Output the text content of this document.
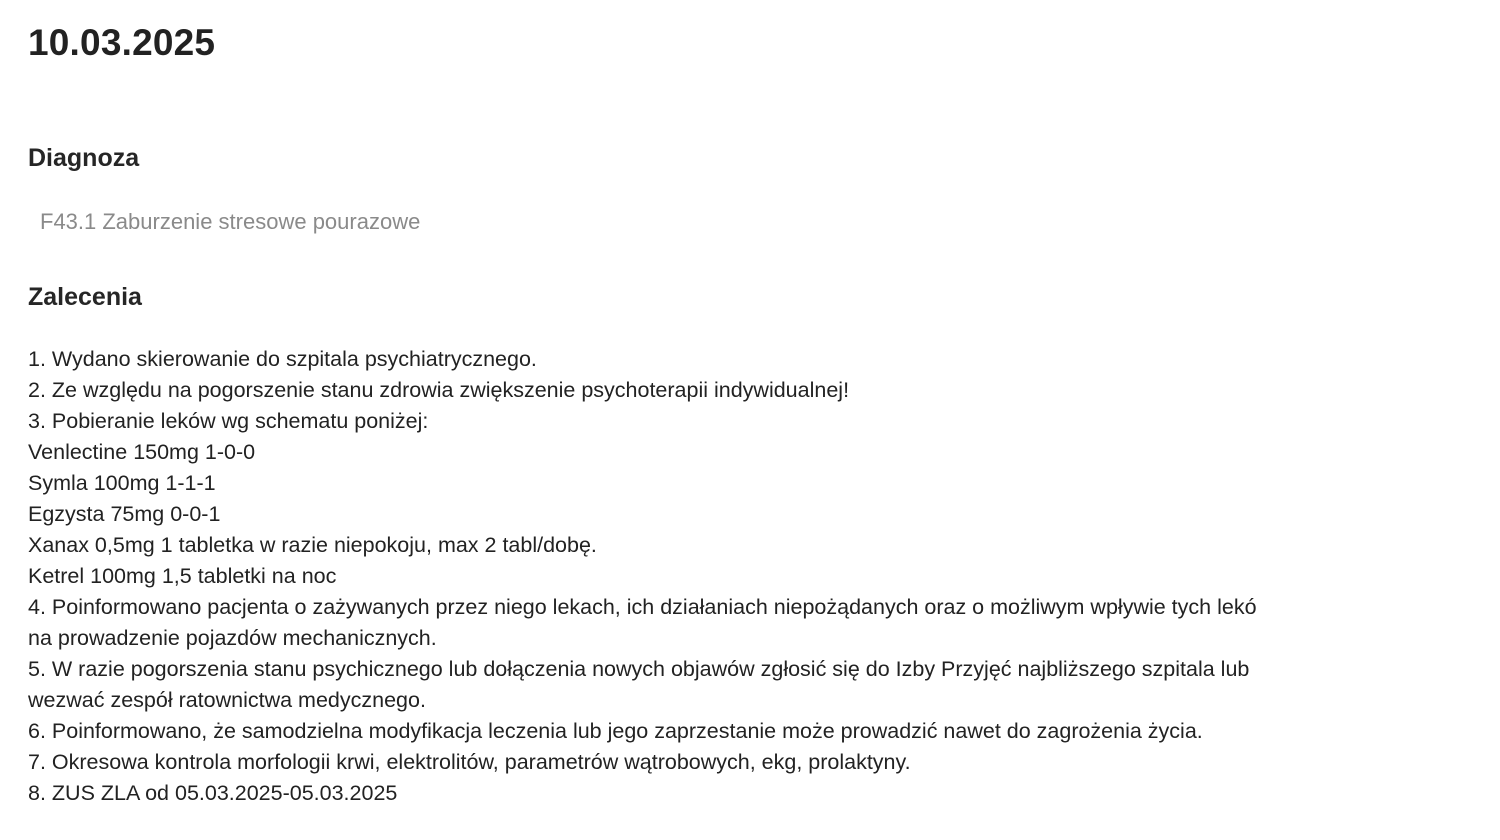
10.03.2025
Diagnoza
F43.1 Zaburzenie stresowe pourazowe
Zalecenia
1. Wydano skierowanie do szpitala psychiatrycznego.
2. Ze względu na pogorszenie stanu zdrowia zwiększenie psychoterapii indywidualnej!
3. Pobieranie leków wg schematu poniżej:
Venlectine 150mg 1-0-0
Symla 100mg 1-1-1
Egzysta 75mg 0-0-1
Xanax 0,5mg 1 tabletka w razie niepokoju, max 2 tabl/dobę.
Ketrel 100mg 1,5 tabletki na noc
4. Poinformowano pacjenta o zażywanych przez niego lekach, ich działaniach niepożądanych oraz o możliwym wpływie tych lekó
na prowadzenie pojazdów mechanicznych.
5. W razie pogorszenia stanu psychicznego lub dołączenia nowych objawów zgłosić się do Izby Przyjęć najbliższego szpitala lub
wezwać zespół ratownictwa medycznego.
6. Poinformowano, że samodzielna modyfikacja leczenia lub jego zaprzestanie może prowadzić nawet do zagrożenia życia.
7. Okresowa kontrola morfologii krwi, elektrolitów, parametrów wątrobowych, ekg, prolaktyny.
8. ZUS ZLA od 05.03.2025-05.03.2025
